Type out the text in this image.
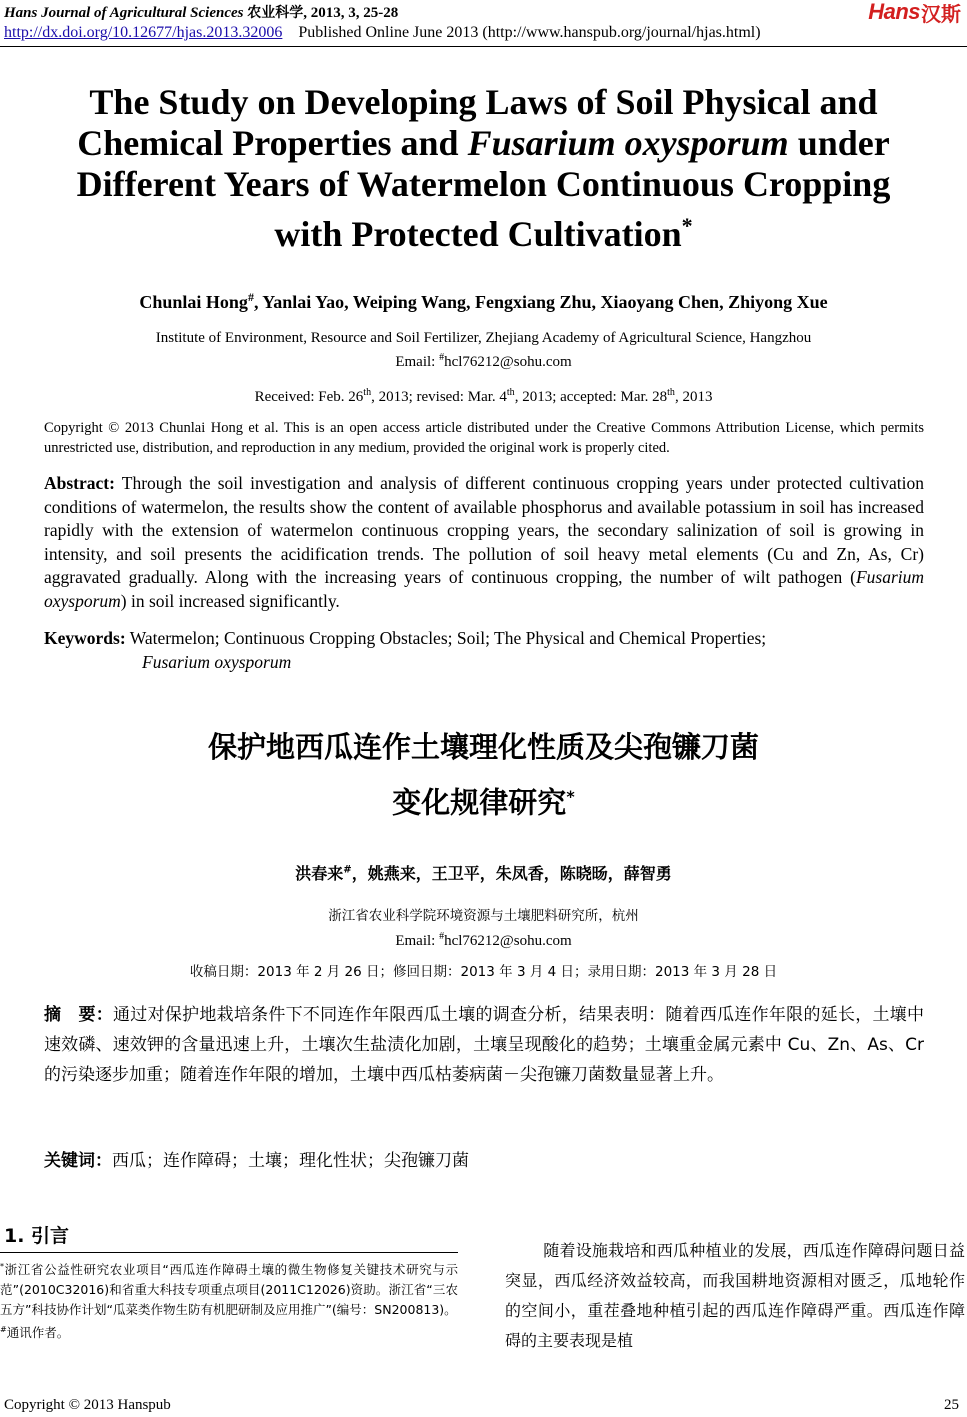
Hans Journal of Agricultural Sciences 农业科学, 2013, 3, 25-28
http://dx.doi.org/10.12677/hjas.2013.32006 Published Online June 2013 (http://www.hanspub.org/journal/hjas.html)
Hans 汉斯
The Study on Developing Laws of Soil Physical and
Chemical Properties and Fusarium oxysporum under
Different Years of Watermelon Continuous Cropping
with Protected Cultivation*
Chunlai Hong#, Yanlai Yao, Weiping Wang, Fengxiang Zhu, Xiaoyang Chen, Zhiyong Xue
Institute of Environment, Resource and Soil Fertilizer, Zhejiang Academy of Agricultural Science, Hangzhou
Email: #hcl76212@sohu.com
Received: Feb. 26th, 2013; revised: Mar. 4th, 2013; accepted: Mar. 28th, 2013
Copyright © 2013 Chunlai Hong et al. This is an open access article distributed under the Creative Commons Attribution License, which permits unrestricted use, distribution, and reproduction in any medium, provided the original work is properly cited.
Abstract: Through the soil investigation and analysis of different continuous cropping years under protected cultivation conditions of watermelon, the results show the content of available phosphorus and available potassium in soil has increased rapidly with the extension of watermelon continuous cropping years, the secondary salinization of soil is growing in intensity, and soil presents the acidification trends. The pollution of soil heavy metal elements (Cu and Zn, As, Cr) aggravated gradually. Along with the increasing years of continuous cropping, the number of wilt pathogen (Fusarium oxysporum) in soil increased significantly.
Keywords: Watermelon; Continuous Cropping Obstacles; Soil; The Physical and Chemical Properties;
Fusarium oxysporum
保护地西瓜连作土壤理化性质及尖孢镰刀菌
变化规律研究*
洪春来#，姚燕来，王卫平，朱凤香，陈晓旸，薛智勇
浙江省农业科学院环境资源与土壤肥料研究所，杭州
Email: #hcl76212@sohu.com
收稿日期：2013 年 2 月 26 日；修回日期：2013 年 3 月 4 日；录用日期：2013 年 3 月 28 日
摘　要：通过对保护地栽培条件下不同连作年限西瓜土壤的调查分析，结果表明：随着西瓜连作年限的延长，土壤中速效磷、速效钾的含量迅速上升，土壤次生盐渍化加剧，土壤呈现酸化的趋势；土壤重金属元素中 Cu、Zn、As、Cr 的污染逐步加重；随着连作年限的增加，土壤中西瓜枯萎病菌－尖孢镰刀菌数量显著上升。
关键词：西瓜；连作障碍；土壤；理化性状；尖孢镰刀菌
1. 引言
*浙江省公益性研究农业项目“西瓜连作障碍土壤的微生物修复关键技术研究与示范”(2010C32016)和省重大科技专项重点项目(2011C12026)资助。浙江省“三农五方”科技协作计划“瓜菜类作物生防有机肥研制及应用推广”(编号：SN200813)。
#通讯作者。
随着设施栽培和西瓜种植业的发展，西瓜连作障碍问题日益突显，西瓜经济效益较高，而我国耕地资源相对匮乏，瓜地轮作的空间小，重茬叠地种植引起的西瓜连作障碍严重。西瓜连作障碍的主要表现是植
Copyright © 2013 Hanspub	25
